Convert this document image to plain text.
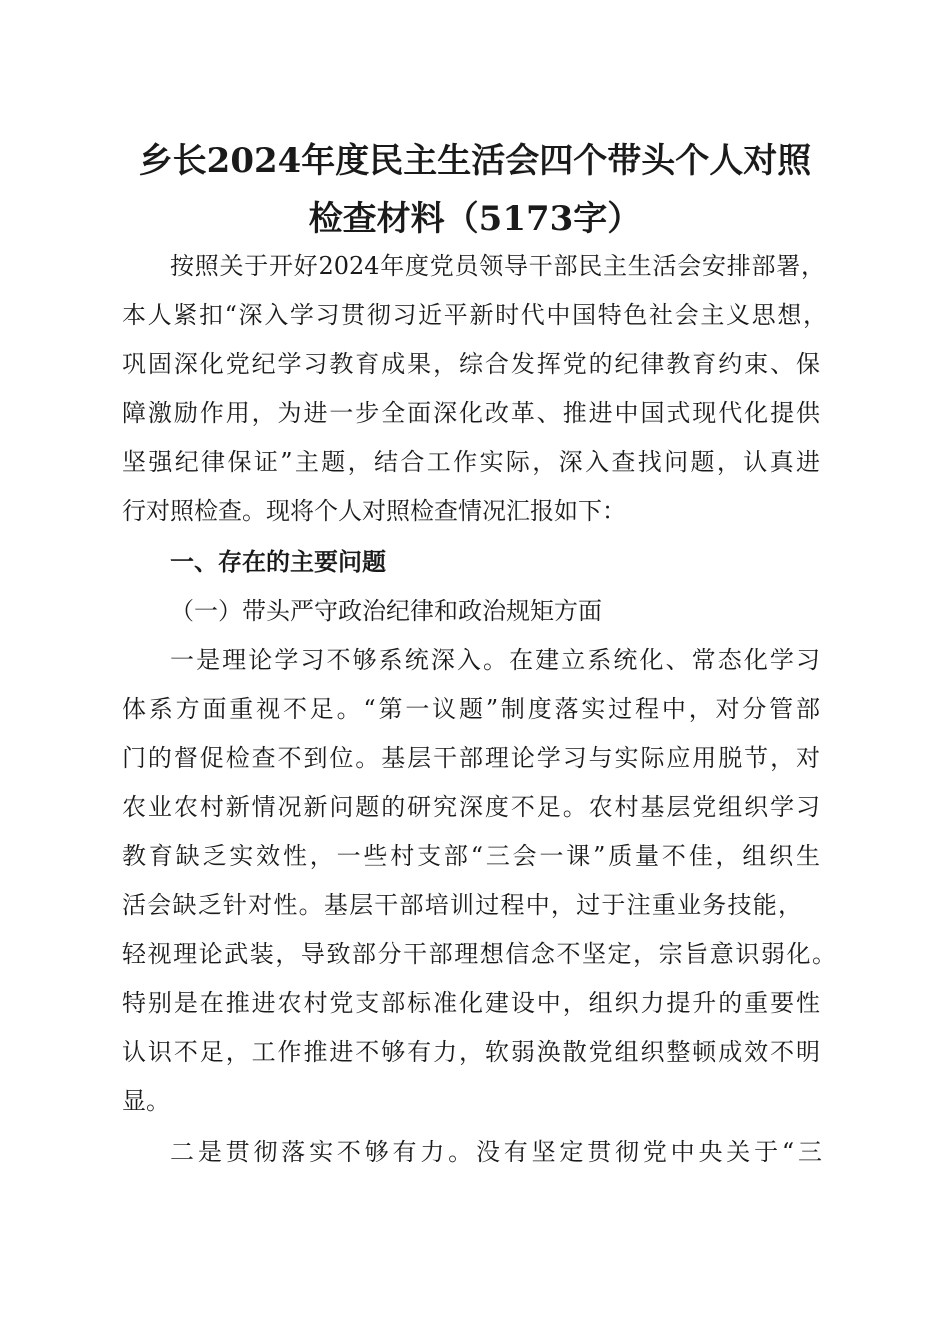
乡长2024年度民主生活会四个带头个人对照
检查材料（5173字）
按照关于开好2024年度党员领导干部民主生活会安排部署，
本人紧扣“深入学习贯彻习近平新时代中国特色社会主义思想，
巩固深化党纪学习教育成果，综合发挥党的纪律教育约束、保
障激励作用，为进一步全面深化改革、推进中国式现代化提供
坚强纪律保证”主题，结合工作实际，深入查找问题，认真进
行对照检查。现将个人对照检查情况汇报如下：
一、存在的主要问题
（一）带头严守政治纪律和政治规矩方面
一是理论学习不够系统深入。在建立系统化、常态化学习
体系方面重视不足。“第一议题”制度落实过程中，对分管部
门的督促检查不到位。基层干部理论学习与实际应用脱节，对
农业农村新情况新问题的研究深度不足。农村基层党组织学习
教育缺乏实效性，一些村支部“三会一课”质量不佳，组织生
活会缺乏针对性。基层干部培训过程中，过于注重业务技能，
轻视理论武装，导致部分干部理想信念不坚定，宗旨意识弱化。
特别是在推进农村党支部标准化建设中，组织力提升的重要性
认识不足，工作推进不够有力，软弱涣散党组织整顿成效不明
显。
二是贯彻落实不够有力。没有坚定贯彻党中央关于“三
